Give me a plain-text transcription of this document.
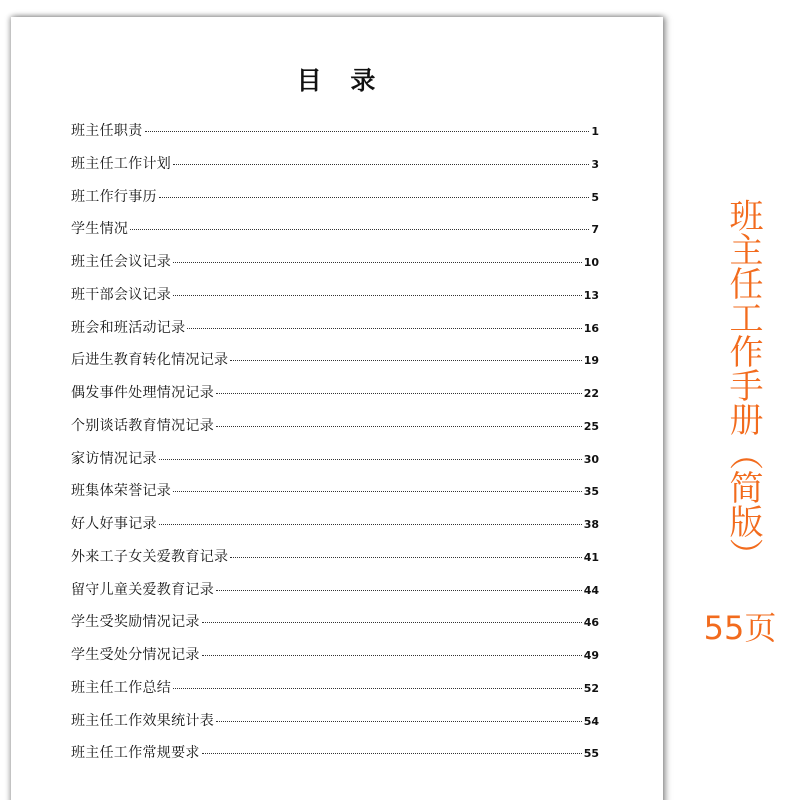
目 录
班主任职责	1
班主任工作计划	3
班工作行事历	5
学生情况	7
班主任会议记录	10
班干部会议记录	13
班会和班活动记录	16
后进生教育转化情况记录	19
偶发事件处理情况记录	22
个别谈话教育情况记录	25
家访情况记录	30
班集体荣誉记录	35
好人好事记录	38
外来工子女关爱教育记录	41
留守儿童关爱教育记录	44
学生受奖励情况记录	46
学生受处分情况记录	49
班主任工作总结	52
班主任工作效果统计表	54
班主任工作常规要求	55
班主任工作手册（简版）
55页
